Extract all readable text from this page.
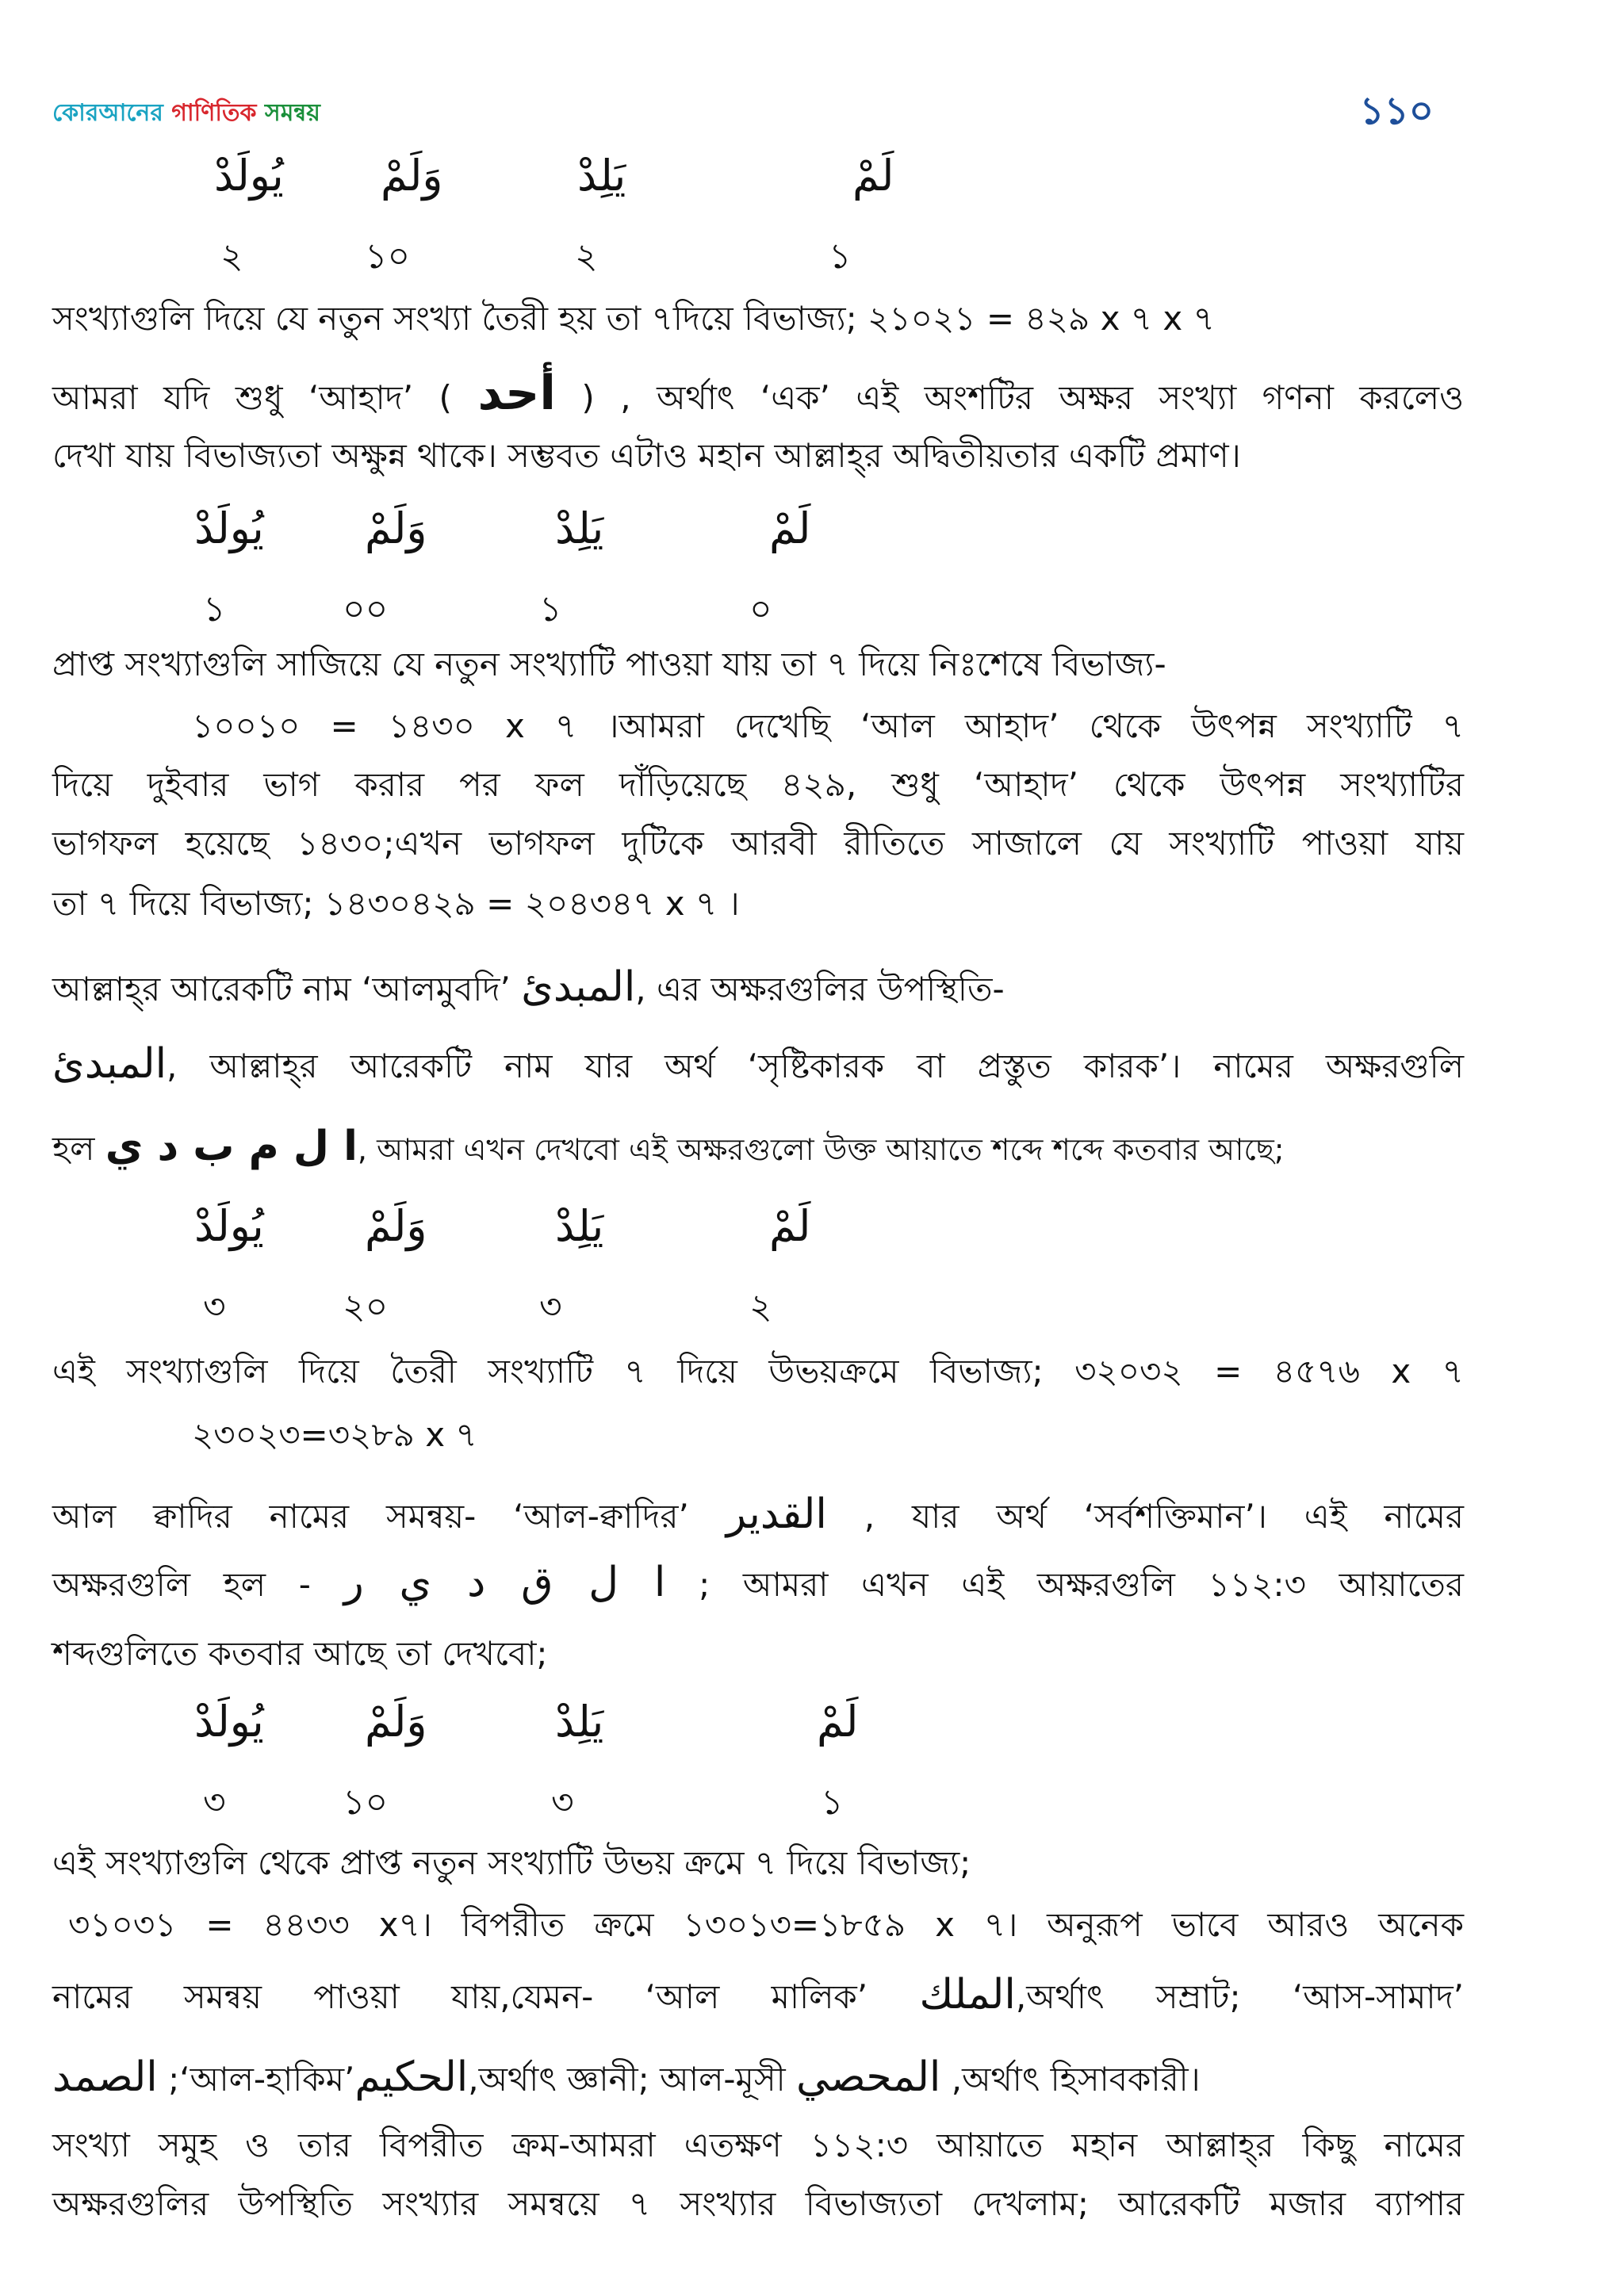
কোরআনের গাণিতিক সমন্বয়	১১০
لَمْ
يَلِدْ
وَلَمْ
يُولَدْ
১
২
১০
২
সংখ্যাগুলি দিয়ে যে নতুন সংখ্যা তৈরী হয় তা ৭দিয়ে বিভাজ্য; ২১০২১ = ৪২৯ x ৭ x ৭
আমরা যদি শুধু ‘আহাদ’ ( أحد ) , অর্থাৎ ‘এক’ এই অংশটির অক্ষর সংখ্যা গণনা করলেও
দেখা যায় বিভাজ্যতা অক্ষুন্ন থাকে। সম্ভবত এটাও মহান আল্লাহ্‌র অদ্বিতীয়তার একটি প্রমাণ।
لَمْ
يَلِدْ
وَلَمْ
يُولَدْ
০
১
০০
১
প্রাপ্ত সংখ্যাগুলি সাজিয়ে যে নতুন সংখ্যাটি পাওয়া যায় তা ৭ দিয়ে নিঃশেষে বিভাজ্য-
১০০১০ = ১৪৩০ x ৭ ।আমরা দেখেছি ‘আল আহাদ’ থেকে উৎপন্ন সংখ্যাটি ৭
দিয়ে দুইবার ভাগ করার পর ফল দাঁড়িয়েছে ৪২৯, শুধু ‘আহাদ’ থেকে উৎপন্ন সংখ্যাটির
ভাগফল হয়েছে ১৪৩০;এখন ভাগফল দুটিকে আরবী রীতিতে সাজালে যে সংখ্যাটি পাওয়া যায়
তা ৭ দিয়ে বিভাজ্য; ১৪৩০৪২৯ = ২০৪৩৪৭ x ৭ ।
আল্লাহ্‌র আরেকটি নাম ‘আলমুবদি’ المبدئ, এর অক্ষরগুলির উপস্থিতি-
المبدئ, আল্লাহ্‌র আরেকটি নাম যার অর্থ ‘সৃষ্টিকারক বা প্রস্তুত কারক’। নামের অক্ষরগুলি
হল ا ل م ب د ي, আমরা এখন দেখবো এই অক্ষরগুলো উক্ত আয়াতে শব্দে শব্দে কতবার আছে;
لَمْ
يَلِدْ
وَلَمْ
يُولَدْ
২
৩
২০
৩
এই সংখ্যাগুলি দিয়ে তৈরী সংখ্যাটি ৭ দিয়ে উভয়ক্রমে বিভাজ্য; ৩২০৩২ = ৪৫৭৬ x ৭
২৩০২৩=৩২৮৯ x ৭
আল ক্বাদির নামের সমন্বয়- ‘আল-ক্বাদির’ القدير , যার অর্থ ‘সর্বশক্তিমান’। এই নামের
অক্ষরগুলি হল - ا ل ق د ي ر ; আমরা এখন এই অক্ষরগুলি ১১২:৩ আয়াতের
শব্দগুলিতে কতবার আছে তা দেখবো;
لَمْ
يَلِدْ
وَلَمْ
يُولَدْ
১
৩
১০
৩
এই সংখ্যাগুলি থেকে প্রাপ্ত নতুন সংখ্যাটি উভয় ক্রমে ৭ দিয়ে বিভাজ্য;
৩১০৩১ = ৪৪৩৩ x৭। বিপরীত ক্রমে ১৩০১৩=১৮৫৯ x ৭। অনুরূপ ভাবে আরও অনেক
নামের সমন্বয় পাওয়া যায়,যেমন- ‘আল মালিক’ الملك,অর্থাৎ সম্রাট; ‘আস-সামাদ’
الصمد ;‘আল-হাকিম’الحكيم,অর্থাৎ জ্ঞানী; আল-মূসী المحصي ,অর্থাৎ হিসাবকারী।
সংখ্যা সমুহ ও তার বিপরীত ক্রম-আমরা এতক্ষণ ১১২:৩ আয়াতে মহান আল্লাহ্‌র কিছু নামের
অক্ষরগুলির উপস্থিতি সংখ্যার সমন্বয়ে ৭ সংখ্যার বিভাজ্যতা দেখলাম; আরেকটি মজার ব্যাপার
